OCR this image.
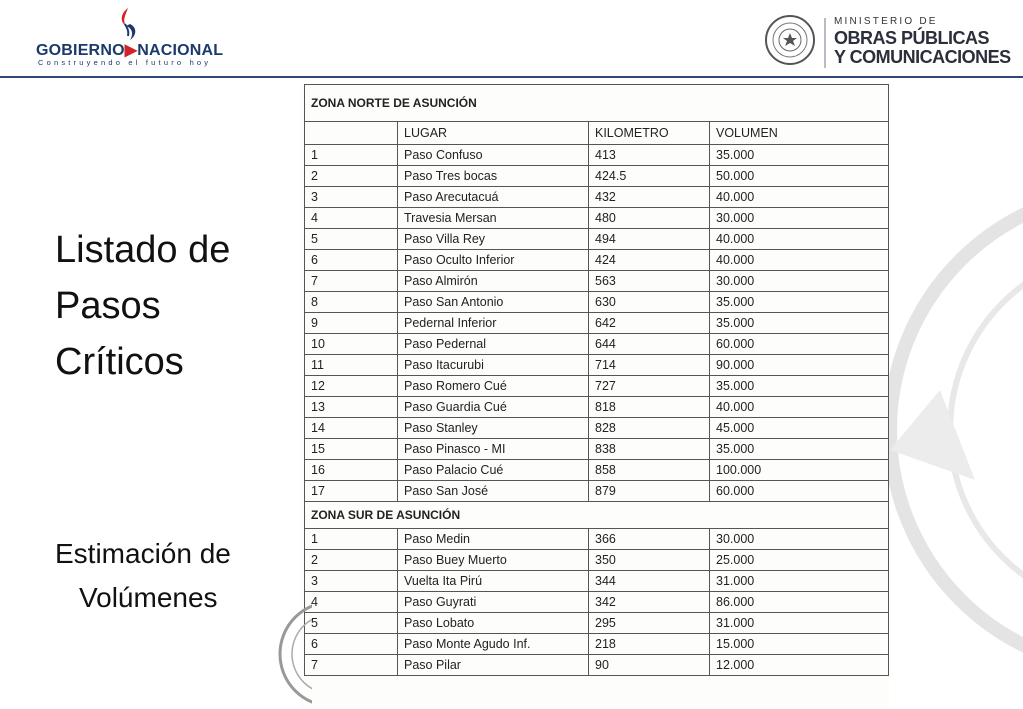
GOBIERNO▶NACIONAL
Construyendo el futuro hoy
MINISTERIO DE
OBRAS PÚBLICAS
Y COMUNICACIONES
Listado de
Pasos
Críticos
Estimación de
Volúmenes
ZONA NORTE DE ASUNCIÓN			
	LUGAR	KILOMETRO	VOLUMEN
1	Paso Confuso	413	35.000
2	Paso Tres bocas	424.5	50.000
3	Paso Arecutacuá	432	40.000
4	Travesia Mersan	480	30.000
5	Paso Villa Rey	494	40.000
6	Paso Oculto Inferior	424	40.000
7	Paso Almirón	563	30.000
8	Paso San Antonio	630	35.000
9	Pedernal Inferior	642	35.000
10	Paso Pedernal	644	60.000
11	Paso Itacurubi	714	90.000
12	Paso Romero Cué	727	35.000
13	Paso Guardia Cué	818	40.000
14	Paso Stanley	828	45.000
15	Paso Pinasco - MI	838	35.000
16	Paso Palacio Cué	858	100.000
17	Paso San José	879	60.000
ZONA SUR DE ASUNCIÓN			
1	Paso Medin	366	30.000
2	Paso Buey Muerto	350	25.000
3	Vuelta Ita Pirú	344	31.000
4	Paso Guyrati	342	86.000
5	Paso Lobato	295	31.000
6	Paso Monte Agudo Inf.	218	15.000
7	Paso Pilar	90	12.000
